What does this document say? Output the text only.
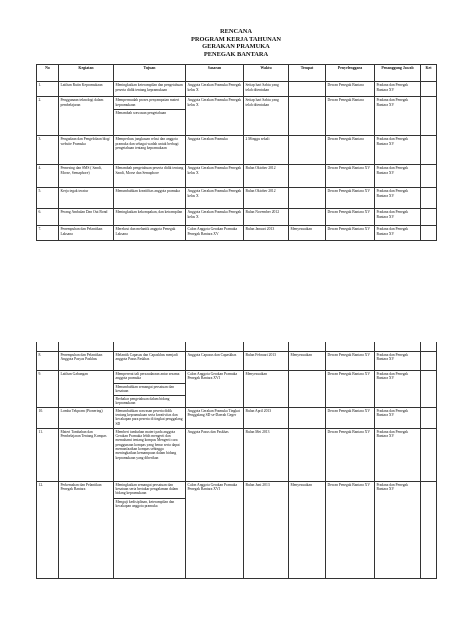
RENCANA
PROGRAM KERJA TAHUNAN
GERAKAN PRAMUKA
PENEGAK BANTARA
No	Kegiatan	Tujuan	Sasaran	Waktu	Tempat	Penyelenggara	Penanggung Jawab	Ket
1.	Latihan Rutin Kepramukaan	Meningkatkan keterampilan dan pengetahuan peserta didik tentang kepramukaan	Anggota Gerakan Pramuka Penegak kelas X	Setiap hari Sabtu yang telah ditentukan		Dewan Penegak Bantara	Pradana dan Penegak Bantara XV	
2.	Penggunaan teknologi dalam pembelajaran	Mempermudah proses penyampaian materi kepramukaan
Menambah wawasan pengetahuan	Anggota Gerakan Pramuka Penegak kelas X	Setiap hari Sabtu yang telah ditentukan		Dewan Penegak Bantara	Pradana dan Penegak Bantara XV	
3.	Pengadaan dan Pengelolaan blog/ website Pramuka	Memperluas jangkauan relasi dan anggota pramuka dan sebagai wadah untuk berbagi pengetahuan tentang kepramukaan	Anggota Gerakan Pramuka	2 Minggu sekali		Dewan Penegak Bantara	Pradana dan Penegak Bantara XV	
4.	Pemesing dan SMS ( Sandi, Morse, Semaphore)	Menambah pengetahuan peserta didik tentang Sandi, Morse dan Semaphore	Anggota Gerakan Pramuka Penegak kelas X	Bulan Oktober 2012		Dewan Penegak Bantara XV	Pradana dan Penegak Bantara XV	
5.	Kerja tegak teratur	Menumbuhkan kreatifitas anggota pramuka	Anggota Gerakan Pramuka Penegak kelas X	Bulan Oktober 2012		Dewan Penegak Bantara XV	Pradana dan Penegak Bantara XV	
6.	Perang Ambalan Dan Out Bond	Meningkatkan kekompakan, dan ketrampilan	Anggota Gerakan Pramuka Penegak kelas X	Bulan November 2012		Dewan Penegak Bantara XV	Pradana dan Penegak Bantara XV	
7.	Penempuhan dan Pelantikan Laksana	Merekrut dan melantik anggota Penegak Laksana	Calon Anggota Gerakan Pramuka Penegak Bantara XV	Bulan Januari 2013	Menyesuaikan	Dewan Penegak Bantara XV	Pradana dan Penegak Bantara XV	

8.	Penempuhan dan Pelantikan Anggota Pasyas Paskhas	Melantik Capasus dan Capaskhas menjadi anggota Pasus Paskhas	Anggota Capasus dan Capaskhas	Bulan Februari 2013	Menyesuaikan	Dewan Penegak Bantara XV	Pradana dan Penegak Bantara XV	
9.	Latihan Gabungan	Mempererat tali persaudaraan antar sesama anggota pramuka
Menumbuhkan semangat persatuan dan kesatuan
Berbakar pengetahuan dalam bidang kepramukaan	Calon Anggota Gerakan Pramuka Penegak Bantara XVI	Menyesuaikan		Dewan Penegak Bantara XV	Pradana dan Penegak Bantara XV	
10.	Lomba Tekpram (Pionering)	Menumbuhkan wawasan peserta didik tentang kepramukaan serta kreativitas dan kecakapan para peserta di tingkat penggalang SD	Anggota Gerakan Pramuka Tingkat Penggalang SD se-Daerah Geger	Bulan April 2013		Dewan Penegak Bantara XV	Pradana dan Penegak Bantara XV	
11.	Materi Tambahan dan Pembelajaran Tentang Kompas	Memberi tambahan materi pada anggota Gerakan Pramuka lebih mengerti dan memahami tentang kompas Mengerti cara penggunaan kompas yang benar serta dapat memanfaatkan kompas sehingga meningkatkan kemampuan dalam bidang kepramukaan yang diberikan	Anggota Pasus dan Paskhas	Bulan Mei 2013		Dewan Penegak Bantara XV	Pradana dan Penegak Bantara XV	
12.	Perkemahan dan Pelantikan Penegak Bantara	Meningkatkan semangat persatuan dan kesatuan serta bertukar pengalaman dalam bidang kepramukaan
Menguji kedisiplinan, keterampilan dan kecakapan anggota pramuka	Calon Anggota Gerakan Pramuka Penegak Bantara XVI	Bulan Juni 2013	Menyesuaikan	Dewan Penegak Bantara XV	Pradana dan Penegak Bantara XV	
